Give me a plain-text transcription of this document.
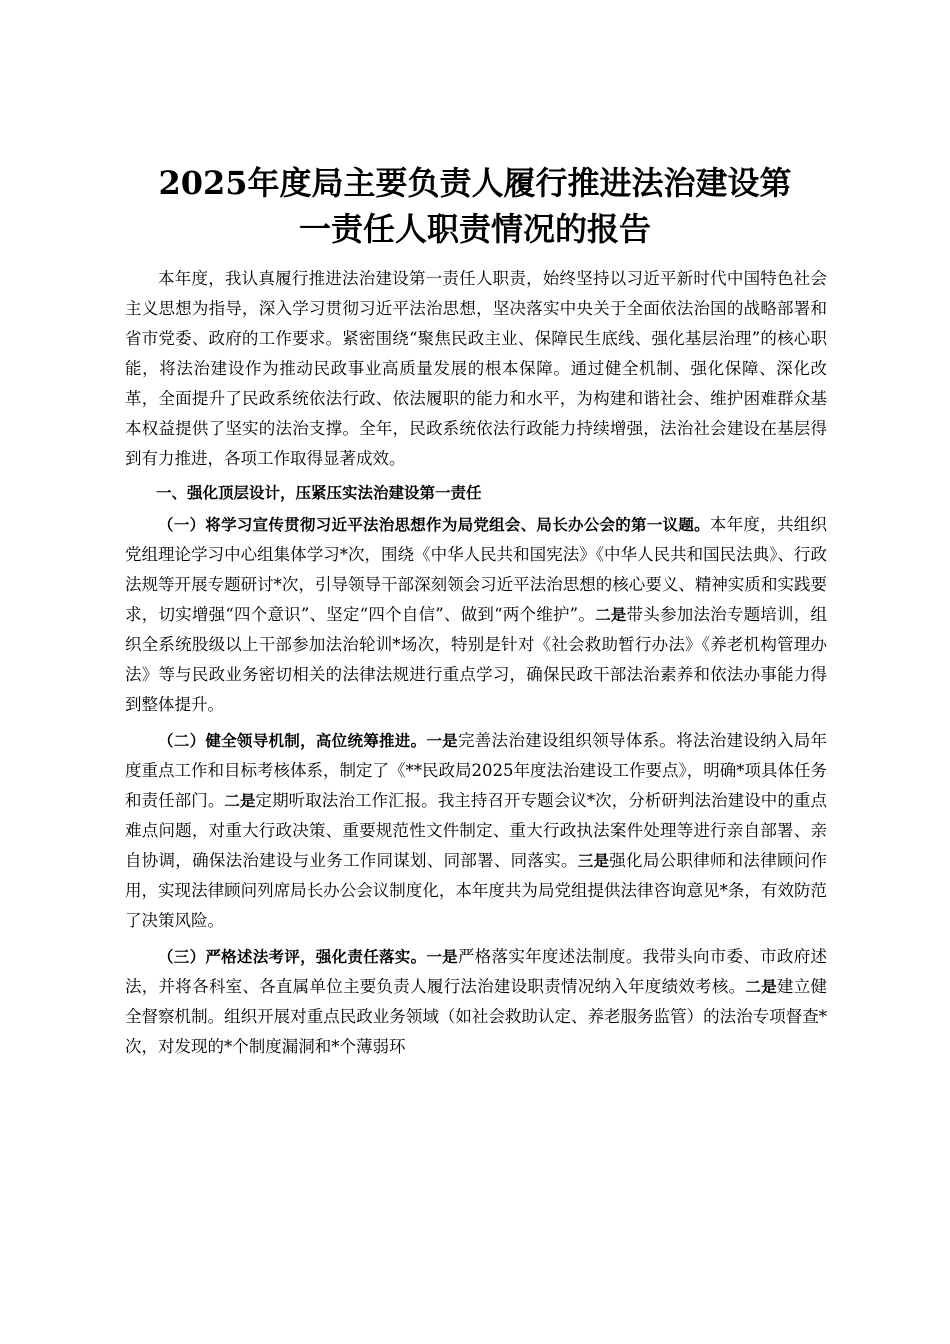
2025年度局主要负责人履行推进法治建设第
一责任人职责情况的报告

本年度，我认真履行推进法治建设第一责任人职责，始终坚持以习近平新时代中国特色社会主义思想为指导，深入学习贯彻习近平法治思想，坚决落实中央关于全面依法治国的战略部署和省市党委、政府的工作要求。紧密围绕“聚焦民政主业、保障民生底线、强化基层治理”的核心职能，将法治建设作为推动民政事业高质量发展的根本保障。通过健全机制、强化保障、深化改革，全面提升了民政系统依法行政、依法履职的能力和水平，为构建和谐社会、维护困难群众基本权益提供了坚实的法治支撑。全年，民政系统依法行政能力持续增强，法治社会建设在基层得到有力推进，各项工作取得显著成效。

一、强化顶层设计，压紧压实法治建设第一责任

（一）将学习宣传贯彻习近平法治思想作为局党组会、局长办公会的第一议题。本年度，共组织党组理论学习中心组集体学习*次，围绕《中华人民共和国宪法》《中华人民共和国民法典》、行政法规等开展专题研讨*次，引导领导干部深刻领会习近平法治思想的核心要义、精神实质和实践要求，切实增强“四个意识”、坚定“四个自信”、做到“两个维护”。二是带头参加法治专题培训，组织全系统股级以上干部参加法治轮训*场次，特别是针对《社会救助暂行办法》《养老机构管理办法》等与民政业务密切相关的法律法规进行重点学习，确保民政干部法治素养和依法办事能力得到整体提升。

（二）健全领导机制，高位统筹推进。一是完善法治建设组织领导体系。将法治建设纳入局年度重点工作和目标考核体系，制定了《**民政局2025年度法治建设工作要点》，明确*项具体任务和责任部门。二是定期听取法治工作汇报。我主持召开专题会议*次，分析研判法治建设中的重点难点问题，对重大行政决策、重要规范性文件制定、重大行政执法案件处理等进行亲自部署、亲自协调，确保法治建设与业务工作同谋划、同部署、同落实。三是强化局公职律师和法律顾问作用，实现法律顾问列席局长办公会议制度化，本年度共为局党组提供法律咨询意见*条，有效防范了决策风险。

（三）严格述法考评，强化责任落实。一是严格落实年度述法制度。我带头向市委、市政府述法，并将各科室、各直属单位主要负责人履行法治建设职责情况纳入年度绩效考核。二是建立健全督察机制。组织开展对重点民政业务领域（如社会救助认定、养老服务监管）的法治专项督查*次，对发现的*个制度漏洞和*个薄弱环
